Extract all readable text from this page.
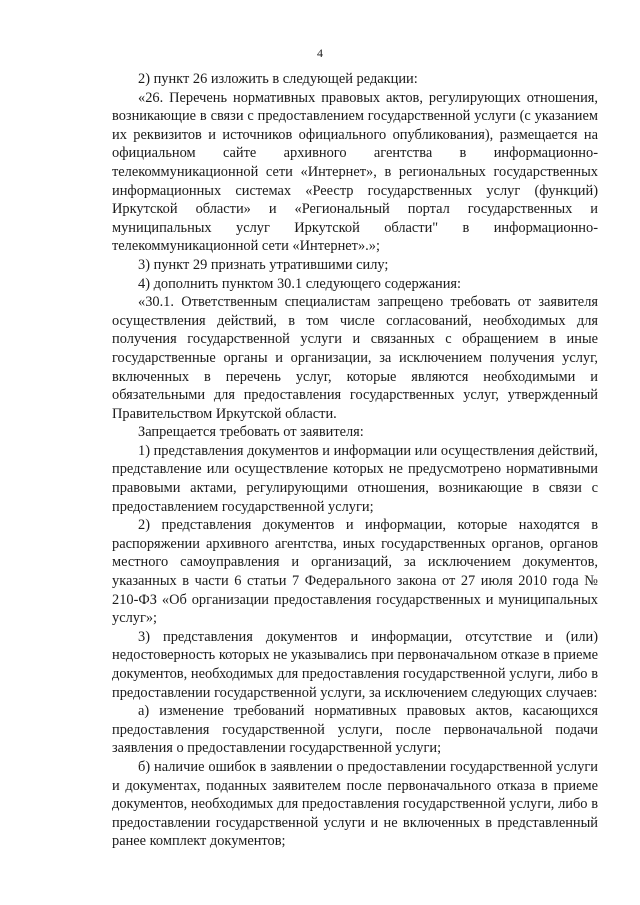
4

2) пункт 26 изложить в следующей редакции:

«26. Перечень нормативных правовых актов, регулирующих отношения, возникающие в связи с предоставлением государственной услуги (с указанием их реквизитов и источников официального опубликования), размещается на официальном сайте архивного агентства в информационно-телекоммуникационной сети «Интернет», в региональных государственных информационных системах «Реестр государственных услуг (функций) Иркутской области» и «Региональный портал государственных и муниципальных услуг Иркутской области" в информационно-телекоммуникационной сети «Интернет».»;

3) пункт 29 признать утратившими силу;

4) дополнить пунктом 30.1 следующего содержания:

«30.1. Ответственным специалистам запрещено требовать от заявителя осуществления действий, в том числе согласований, необходимых для получения государственной услуги и связанных с обращением в иные государственные органы и организации, за исключением получения услуг, включенных в перечень услуг, которые являются необходимыми и обязательными для предоставления государственных услуг, утвержденный Правительством Иркутской области.

Запрещается требовать от заявителя:

1) представления документов и информации или осуществления действий, представление или осуществление которых не предусмотрено нормативными правовыми актами, регулирующими отношения, возникающие в связи с предоставлением государственной услуги;

2) представления документов и информации, которые находятся в распоряжении архивного агентства, иных государственных органов, органов местного самоуправления и организаций, за исключением документов, указанных в части 6 статьи 7 Федерального закона от 27 июля 2010 года № 210-ФЗ «Об организации предоставления государственных и муниципальных услуг»;

3) представления документов и информации, отсутствие и (или) недостоверность которых не указывались при первоначальном отказе в приеме документов, необходимых для предоставления государственной услуги, либо в предоставлении государственной услуги, за исключением следующих случаев:

а) изменение требований нормативных правовых актов, касающихся предоставления государственной услуги, после первоначальной подачи заявления о предоставлении государственной услуги;

б) наличие ошибок в заявлении о предоставлении государственной услуги и документах, поданных заявителем после первоначального отказа в приеме документов, необходимых для предоставления государственной услуги, либо в предоставлении государственной услуги и не включенных в представленный ранее комплект документов;
